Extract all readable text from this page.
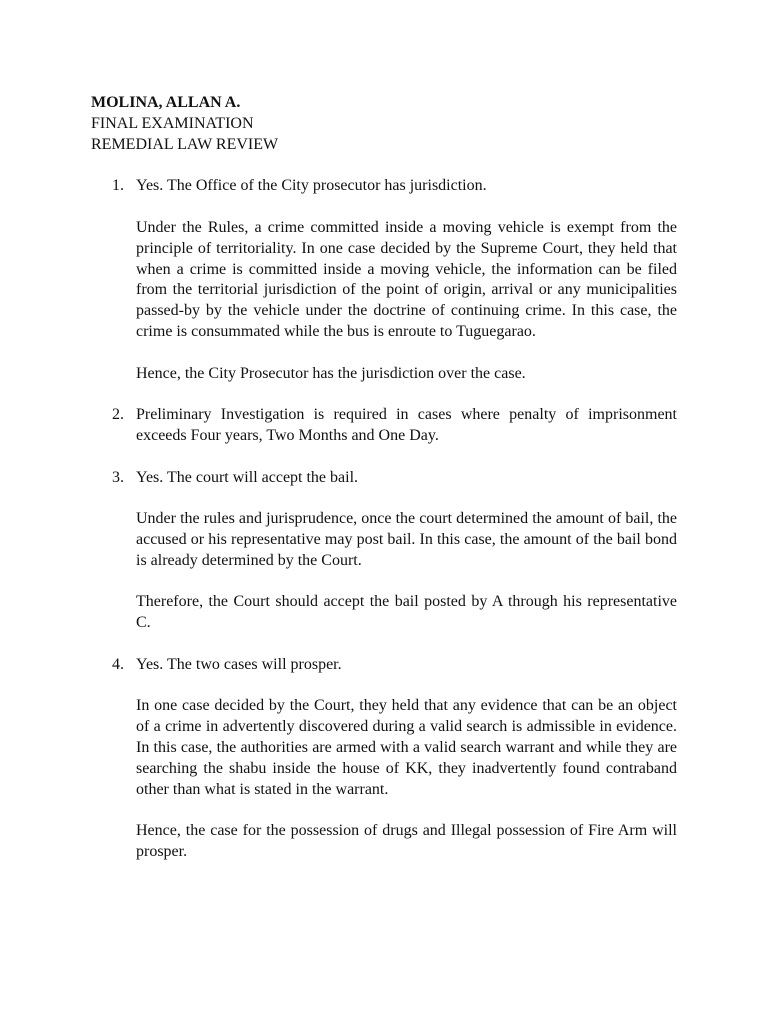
MOLINA, ALLAN A.
FINAL EXAMINATION
REMEDIAL LAW REVIEW
1. Yes. The Office of the City prosecutor has jurisdiction.

Under the Rules, a crime committed inside a moving vehicle is exempt from the principle of territoriality. In one case decided by the Supreme Court, they held that when a crime is committed inside a moving vehicle, the information can be filed from the territorial jurisdiction of the point of origin, arrival or any municipalities passed-by by the vehicle under the doctrine of continuing crime. In this case, the crime is consummated while the bus is enroute to Tuguegarao.

Hence, the City Prosecutor has the jurisdiction over the case.

2. Preliminary Investigation is required in cases where penalty of imprisonment exceeds Four years, Two Months and One Day.

3. Yes. The court will accept the bail.

Under the rules and jurisprudence, once the court determined the amount of bail, the accused or his representative may post bail. In this case, the amount of the bail bond is already determined by the Court.

Therefore, the Court should accept the bail posted by A through his representative C.

4. Yes. The two cases will prosper.

In one case decided by the Court, they held that any evidence that can be an object of a crime in advertently discovered during a valid search is admissible in evidence. In this case, the authorities are armed with a valid search warrant and while they are searching the shabu inside the house of KK, they inadvertently found contraband other than what is stated in the warrant.

Hence, the case for the possession of drugs and Illegal possession of Fire Arm will prosper.
